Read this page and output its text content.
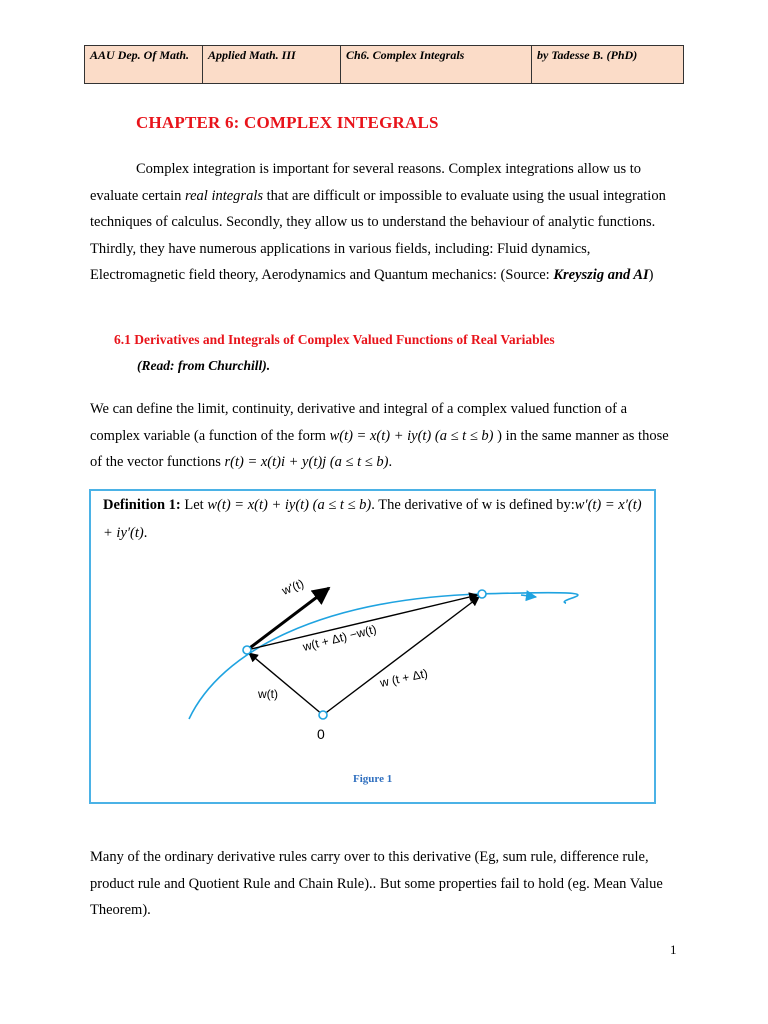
AAU Dep. Of Math.	Applied Math. III	Ch6. Complex Integrals	by Tadesse B. (PhD)
CHAPTER 6: COMPLEX INTEGRALS

Complex integration is important for several reasons. Complex integrations allow us to evaluate certain real integrals that are difficult or impossible to evaluate using the usual integration techniques of calculus. Secondly, they allow us to understand the behaviour of analytic functions. Thirdly, they have numerous applications in various fields, including: Fluid dynamics, Electromagnetic field theory, Aerodynamics and Quantum mechanics: (Source: Kreyszig and AI)

6.1 Derivatives and Integrals of Complex Valued Functions of Real Variables

(Read: from Churchill).

We can define the limit, continuity, derivative and integral of a complex valued function of a complex variable (a function of the form w(t) = x(t) + iy(t) (a ≤ t ≤ b) ) in the same manner as those of the vector functions r(t) = x(t)i + y(t)j (a ≤ t ≤ b).

Definition 1: Let w(t) = x(t) + iy(t) (a ≤ t ≤ b). The derivative of w is defined by:w′(t) = x′(t) + iy′(t).

w'(t)
w(t + Δt) −w(t)
w (t + Δt)
w(t)
0
Figure 1

Many of the ordinary derivative rules carry over to this derivative (Eg, sum rule, difference rule, product rule and Quotient Rule and Chain Rule).. But some properties fail to hold (eg. Mean Value Theorem).

1
